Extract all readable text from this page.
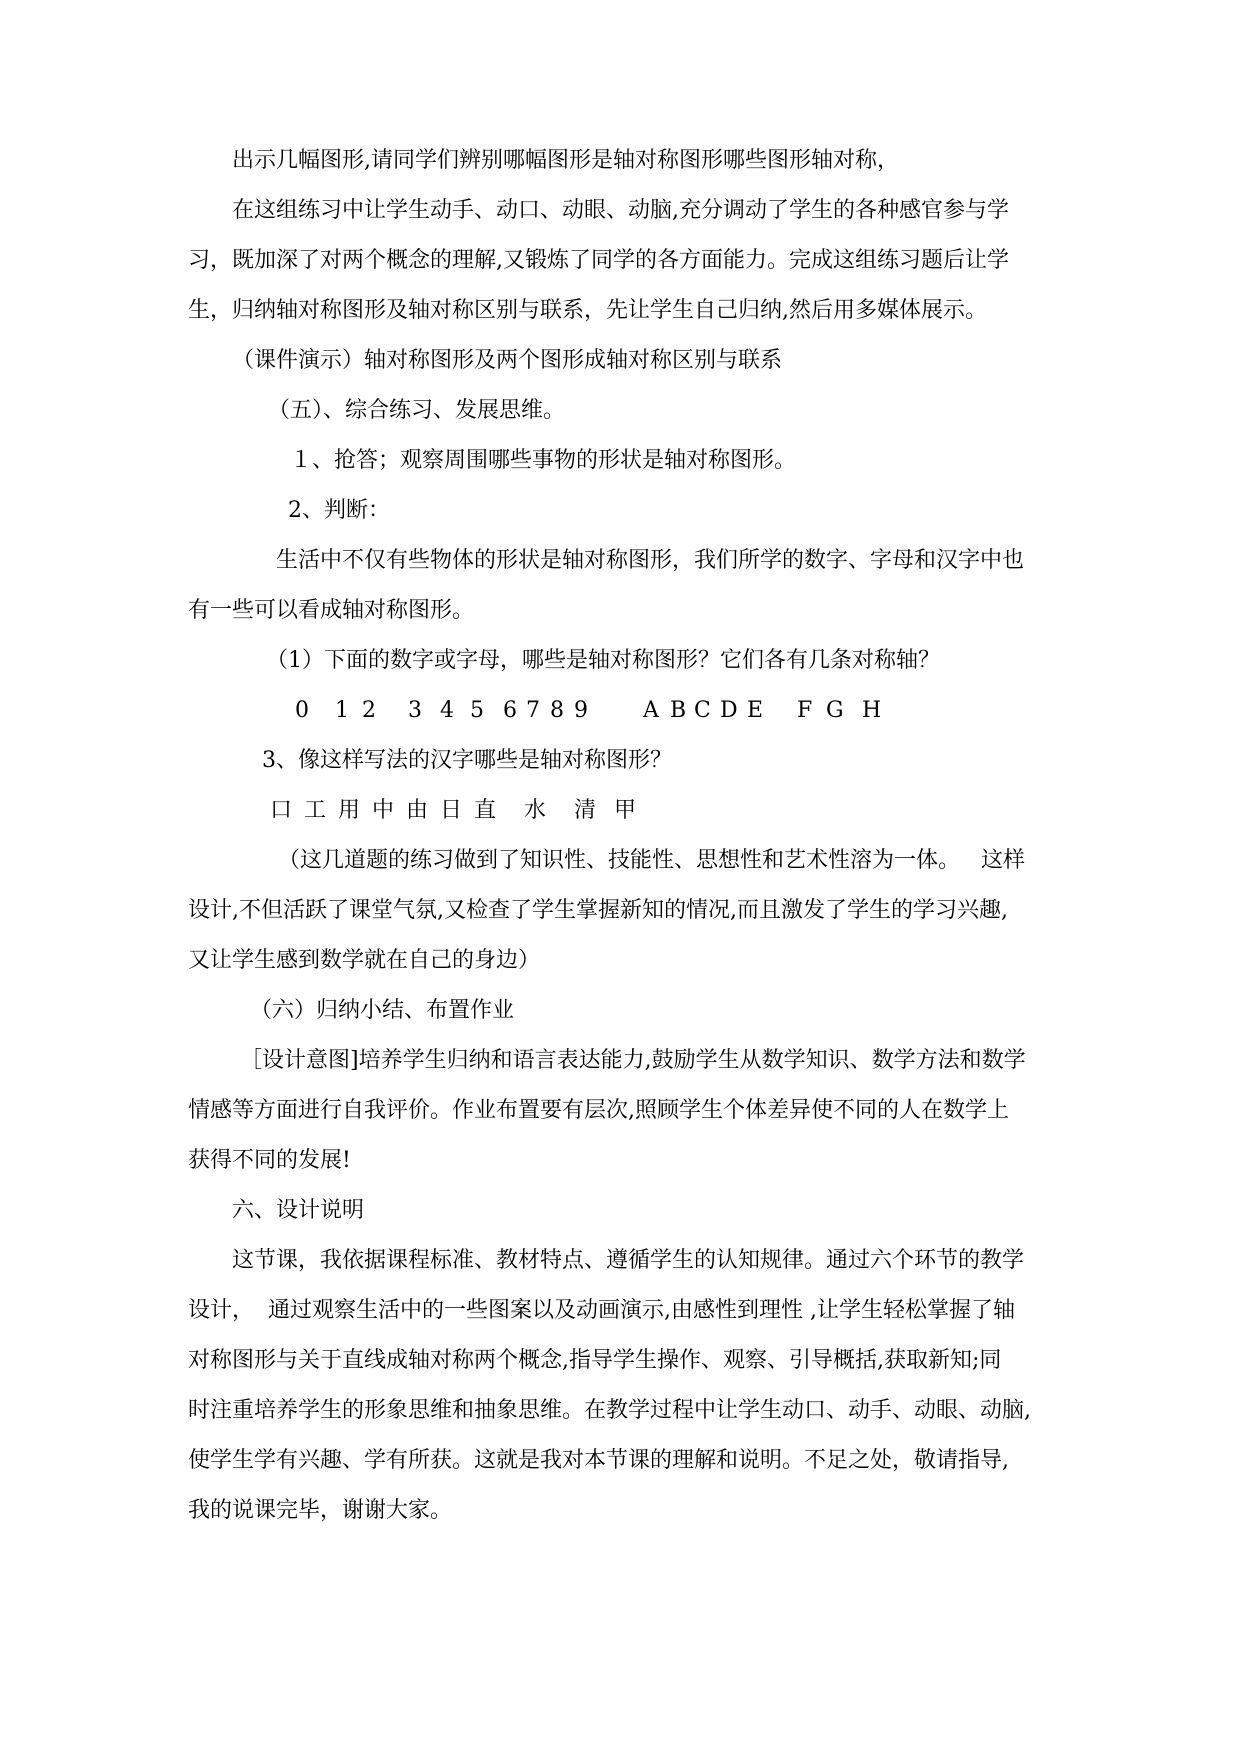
出示几幅图形,请同学们辨别哪幅图形是轴对称图形哪些图形轴对称，

在这组练习中让学生动手、动口、动眼、动脑,充分调动了学生的各种感官参与学

习，既加深了对两个概念的理解,又锻炼了同学的各方面能力。完成这组练习题后让学

生，归纳轴对称图形及轴对称区别与联系，先让学生自己归纳,然后用多媒体展示。

（课件演示）轴对称图形及两个图形成轴对称区别与联系

（五）、综合练习、发展思维。

１、抢答；观察周围哪些事物的形状是轴对称图形。

2、判断：

生活中不仅有些物体的形状是轴对称图形，我们所学的数字、字母和汉字中也

有一些可以看成轴对称图形。

（1）下面的数字或字母，哪些是轴对称图形？它们各有几条对称轴？

0 1 2 3 4 5 6 7 8 9	A B C D E F G H

3、像这样写法的汉字哪些是轴对称图形？

口 工 用 中 由 日 直 水 清 甲

（这几道题的练习做到了知识性、技能性、思想性和艺术性溶为一体。   这样

设计,不但活跃了课堂气氛,又检查了学生掌握新知的情况,而且激发了学生的学习兴趣,

又让学生感到数学就在自己的身边）

（六）归纳小结、布置作业

［设计意图]培养学生归纳和语言表达能力,鼓励学生从数学知识、数学方法和数学

情感等方面进行自我评价。作业布置要有层次,照顾学生个体差异使不同的人在数学上

获得不同的发展!

六、设计说明

这节课，我依据课程标准、教材特点、遵循学生的认知规律。通过六个环节的教学

设计，  通过观察生活中的一些图案以及动画演示,由感性到理性 ,让学生轻松掌握了轴

对称图形与关于直线成轴对称两个概念,指导学生操作、观察、引导概括,获取新知;同

时注重培养学生的形象思维和抽象思维。在教学过程中让学生动口、动手、动眼、动脑,

使学生学有兴趣、学有所获。这就是我对本节课的理解和说明。不足之处，敬请指导,

我的说课完毕，谢谢大家。
